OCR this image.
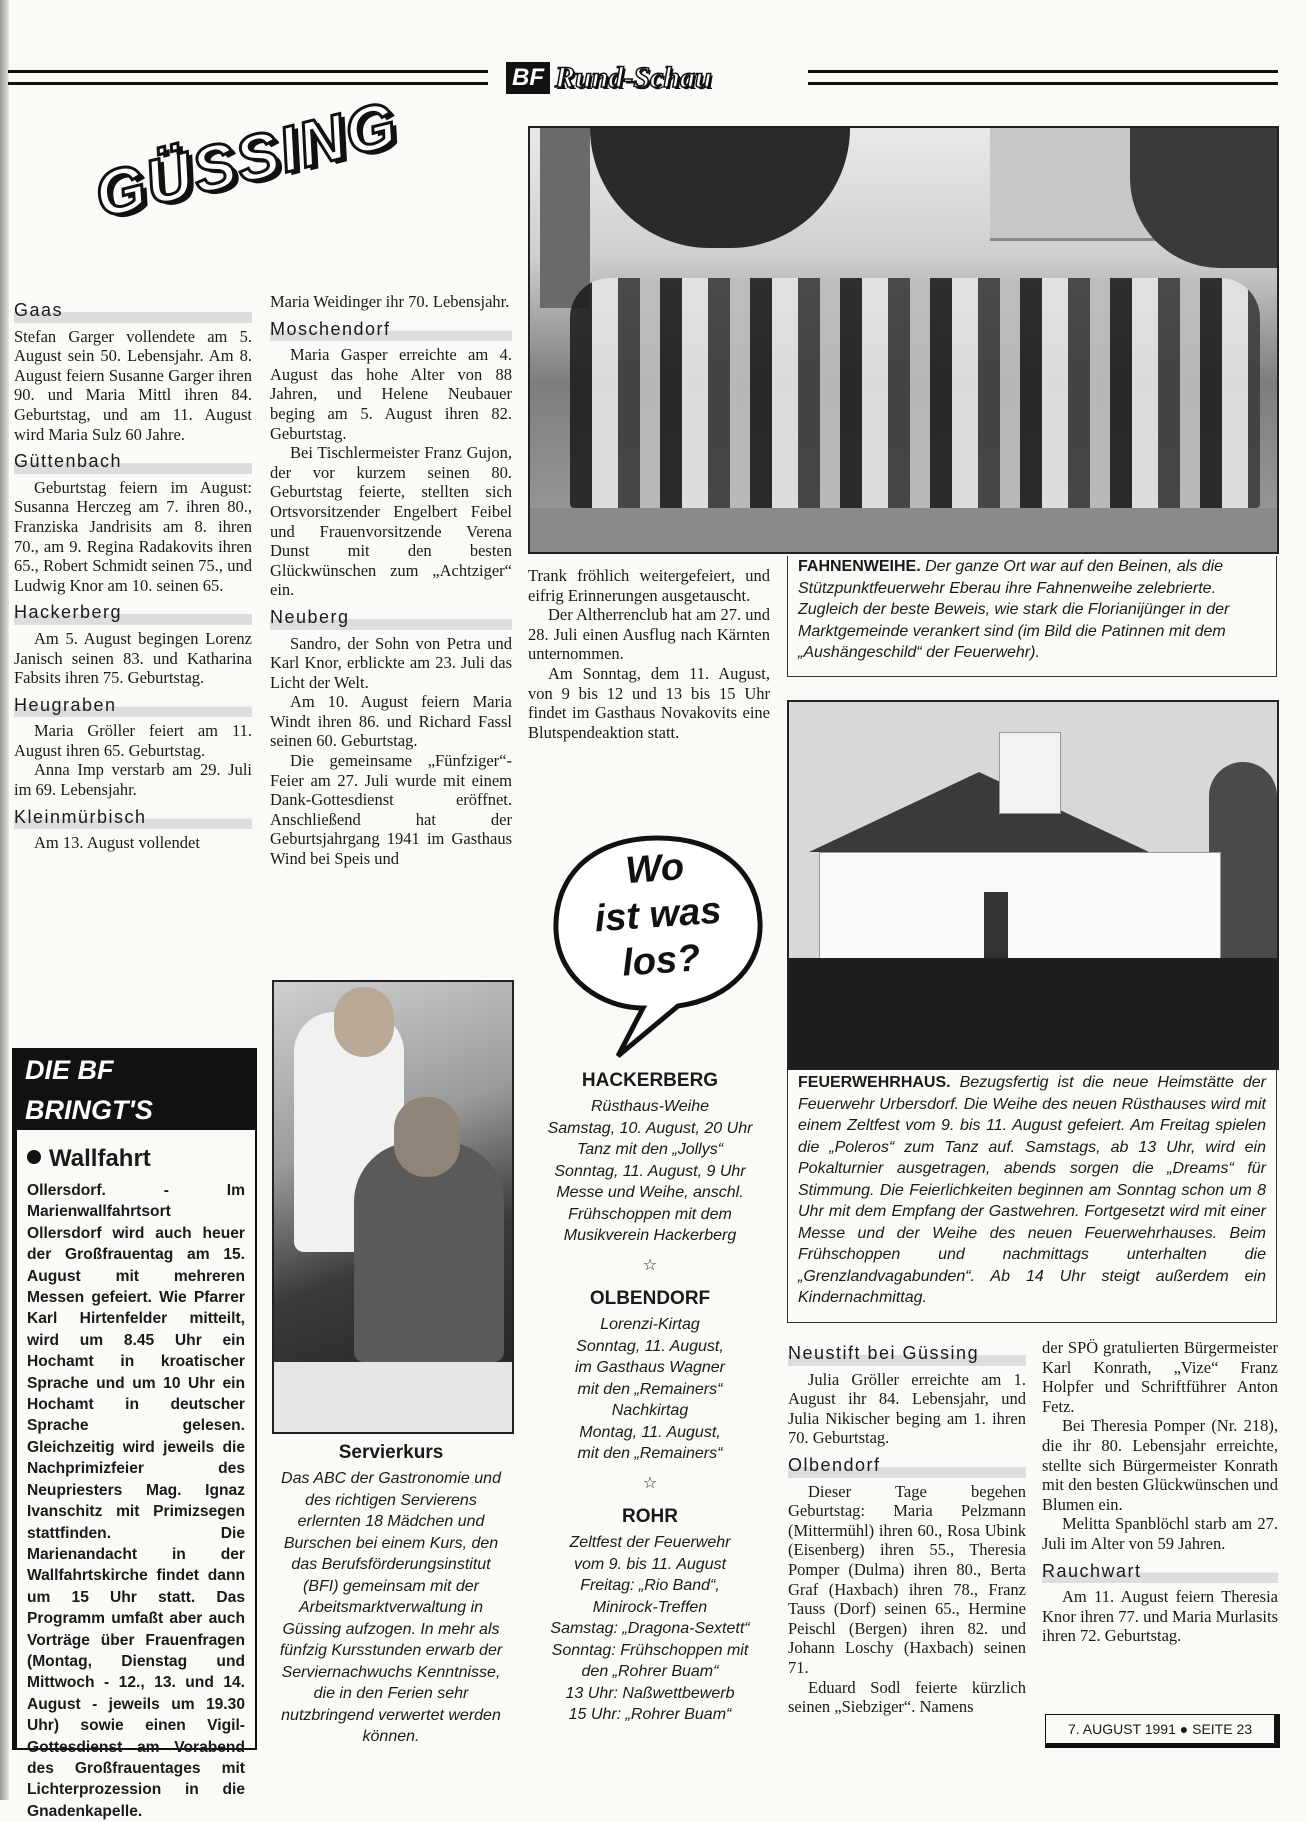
BF Rund-Schau
GÜSSING
Gaas

Stefan Garger vollendete am 5. August sein 50. Lebensjahr. Am 8. August feiern Susanne Garger ihren 90. und Maria Mittl ihren 84. Geburtstag, und am 11. August wird Maria Sulz 60 Jahre.

Güttenbach

Geburtstag feiern im August: Susanna Herczeg am 7. ihren 80., Franziska Jandrisits am 8. ihren 70., am 9. Regina Radakovits ihren 65., Robert Schmidt seinen 75., und Ludwig Knor am 10. seinen 65.

Hackerberg

Am 5. August begingen Lorenz Janisch seinen 83. und Katharina Fabsits ihren 75. Geburtstag.

Heugraben

Maria Gröller feiert am 11. August ihren 65. Geburtstag.

Anna Imp verstarb am 29. Juli im 69. Lebensjahr.

Kleinmürbisch

Am 13. August vollendet

DIE BF BRINGT'S
Wallfahrt
Ollersdorf. - Im Marienwallfahrtsort Ollersdorf wird auch heuer der Großfrauentag am 15. August mit mehreren Messen gefeiert. Wie Pfarrer Karl Hirtenfelder mitteilt, wird um 8.45 Uhr ein Hochamt in kroatischer Sprache und um 10 Uhr ein Hochamt in deutscher Sprache gelesen. Gleichzeitig wird jeweils die Nachprimizfeier des Neupriesters Mag. Ignaz Ivanschitz mit Primizsegen stattfinden. Die Marienandacht in der Wallfahrtskirche findet dann um 15 Uhr statt. Das Programm umfaßt aber auch Vorträge über Frauenfragen (Montag, Dienstag und Mittwoch - 12., 13. und 14. August - jeweils um 19.30 Uhr) sowie einen Vigil-Gottesdienst am Vorabend des Großfrauentages mit Lichterprozession in die Gnadenkapelle.

Maria Weidinger ihr 70. Lebensjahr.

Moschendorf

Maria Gasper erreichte am 4. August das hohe Alter von 88 Jahren, und Helene Neubauer beging am 5. August ihren 82. Geburtstag.

Bei Tischlermeister Franz Gujon, der vor kurzem seinen 80. Geburtstag feierte, stellten sich Ortsvorsitzender Engelbert Feibel und Frauenvorsitzende Verena Dunst mit den besten Glückwünschen zum „Achtziger“ ein.

Neuberg

Sandro, der Sohn von Petra und Karl Knor, erblickte am 23. Juli das Licht der Welt.

Am 10. August feiern Maria Windt ihren 86. und Richard Fassl seinen 60. Geburtstag.

Die gemeinsame „Fünfziger“-Feier am 27. Juli wurde mit einem Dank-Gottesdienst eröffnet. Anschließend hat der Geburtsjahrgang 1941 im Gasthaus Wind bei Speis und

Servierkurs
Das ABC der Gastronomie und des richtigen Servierens erlernten 18 Mädchen und Burschen bei einem Kurs, den das Berufsförderungsinstitut (BFI) gemeinsam mit der Arbeitsmarktverwaltung in Güssing aufzogen. In mehr als fünfzig Kursstunden erwarb der Serviernachwuchs Kenntnisse, die in den Ferien sehr nutzbringend verwertet werden können.
FAHNENWEIHE. Der ganze Ort war auf den Beinen, als die Stützpunktfeuerwehr Eberau ihre Fahnenweihe zelebrierte. Zugleich der beste Beweis, wie stark die Florianijünger in der Marktgemeinde verankert sind (im Bild die Patinnen mit dem „Aushängeschild“ der Feuerwehr).

Trank fröhlich weitergefeiert, und eifrig Erinnerungen ausgetauscht.

Der Altherrenclub hat am 27. und 28. Juli einen Ausflug nach Kärnten unternommen.

Am Sonntag, dem 11. August, von 9 bis 12 und 13 bis 15 Uhr findet im Gasthaus Novakovits eine Blutspendeaktion statt.

Wo
ist was
los?

HACKERBERG

Rüsthaus-Weihe

Samstag, 10. August, 20 Uhr

Tanz mit den „Jollys“

Sonntag, 11. August, 9 Uhr

Messe und Weihe, anschl.

Frühschoppen mit dem

Musikverein Hackerberg

☆

OLBENDORF

Lorenzi-Kirtag

Sonntag, 11. August,

im Gasthaus Wagner

mit den „Remainers“

Nachkirtag

Montag, 11. August,

mit den „Remainers“

☆

ROHR

Zeltfest der Feuerwehr

vom 9. bis 11. August

Freitag: „Rio Band“,

Minirock-Treffen

Samstag: „Dragona-Sextett“

Sonntag: Frühschoppen mit

den „Rohrer Buam“

13 Uhr: Naßwettbewerb

15 Uhr: „Rohrer Buam“

FEUERWEHRHAUS. Bezugsfertig ist die neue Heimstätte der Feuerwehr Urbersdorf. Die Weihe des neuen Rüsthauses wird mit einem Zeltfest vom 9. bis 11. August gefeiert. Am Freitag spielen die „Poleros“ zum Tanz auf. Samstags, ab 13 Uhr, wird ein Pokalturnier ausgetragen, abends sorgen die „Dreams“ für Stimmung. Die Feierlichkeiten beginnen am Sonntag schon um 8 Uhr mit dem Empfang der Gastwehren. Fortgesetzt wird mit einer Messe und der Weihe des neuen Feuerwehrhauses. Beim Frühschoppen und nachmittags unterhalten die „Grenzlandvagabunden“. Ab 14 Uhr steigt außerdem ein Kindernachmittag.
Neustift bei Güssing

Julia Gröller erreichte am 1. August ihr 84. Lebensjahr, und Julia Nikischer beging am 1. ihren 70. Geburtstag.

Olbendorf

Dieser Tage begehen Geburtstag: Maria Pelzmann (Mittermühl) ihren 60., Rosa Ubink (Eisenberg) ihren 55., Theresia Pomper (Dulma) ihren 80., Berta Graf (Haxbach) ihren 78., Franz Tauss (Dorf) seinen 65., Hermine Peischl (Bergen) ihren 82. und Johann Loschy (Haxbach) seinen 71.

Eduard Sodl feierte kürzlich seinen „Siebziger“. Namens

der SPÖ gratulierten Bürgermeister Karl Konrath, „Vize“ Franz Holpfer und Schriftführer Anton Fetz.

Bei Theresia Pomper (Nr. 218), die ihr 80. Lebensjahr erreichte, stellte sich Bürgermeister Konrath mit den besten Glückwünschen und Blumen ein.

Melitta Spanblöchl starb am 27. Juli im Alter von 59 Jahren.

Rauchwart

Am 11. August feiern Theresia Knor ihren 77. und Maria Murlasits ihren 72. Geburtstag.

7. AUGUST 1991 ● SEITE 23
